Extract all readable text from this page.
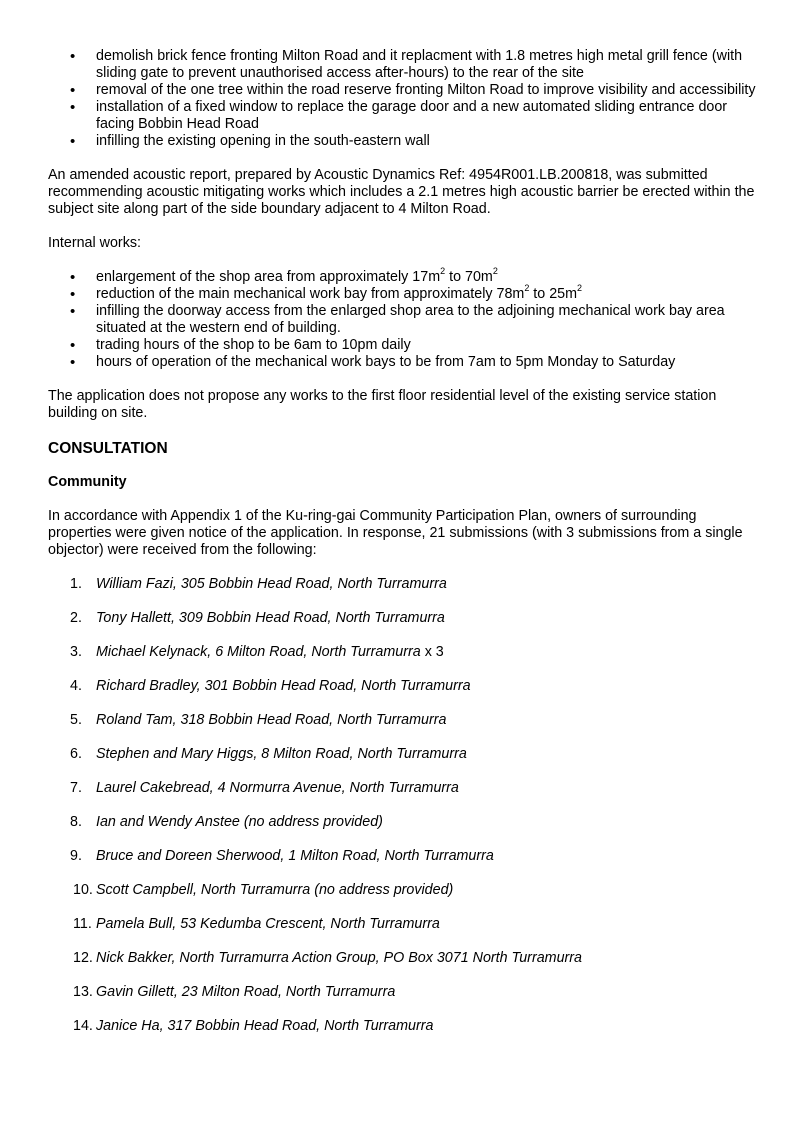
• demolish brick fence fronting Milton Road and it replacment with 1.8 metres high metal grill fence (with sliding gate to prevent unauthorised access after-hours) to the rear of the site
• removal of the one tree within the road reserve fronting Milton Road to improve visibility and accessibility
• installation of a fixed window to replace the garage door and a new automated sliding entrance door facing Bobbin Head Road
• infilling the existing opening in the south-eastern wall

An amended acoustic report, prepared by Acoustic Dynamics Ref: 4954R001.LB.200818, was submitted recommending acoustic mitigating works which includes a 2.1 metres high acoustic barrier be erected within the subject site along part of the side boundary adjacent to 4 Milton Road.

Internal works:

• enlargement of the shop area from approximately $17m^2$ to $70m^2$
• reduction of the main mechanical work bay from approximately $78m^2$ to $25m^2$
• infilling the doorway access from the enlarged shop area to the adjoining mechanical work bay area situated at the western end of building.
• trading hours of the shop to be 6am to 10pm daily
• hours of operation of the mechanical work bays to be from 7am to 5pm Monday to Saturday

The application does not propose any works to the first floor residential level of the existing service station building on site.

CONSULTATION
Community

In accordance with Appendix 1 of the Ku-ring-gai Community Participation Plan, owners of surrounding properties were given notice of the application. In response, 21 submissions (with 3 submissions from a single objector) were received from the following:

1. William Fazi, 305 Bobbin Head Road, North Turramurra
2. Tony Hallett, 309 Bobbin Head Road, North Turramurra
3. Michael Kelynack, 6 Milton Road, North Turramurra x 3
4. Richard Bradley, 301 Bobbin Head Road, North Turramurra
5. Roland Tam, 318 Bobbin Head Road, North Turramurra
6. Stephen and Mary Higgs, 8 Milton Road, North Turramurra
7. Laurel Cakebread, 4 Normurra Avenue, North Turramurra
8. Ian and Wendy Anstee (no address provided)
9. Bruce and Doreen Sherwood, 1 Milton Road, North Turramurra
10. Scott Campbell, North Turramurra (no address provided)
11. Pamela Bull, 53 Kedumba Crescent, North Turramurra
12. Nick Bakker, North Turramurra Action Group, PO Box 3071 North Turramurra
13. Gavin Gillett, 23 Milton Road, North Turramurra
14. Janice Ha, 317 Bobbin Head Road, North Turramurra
